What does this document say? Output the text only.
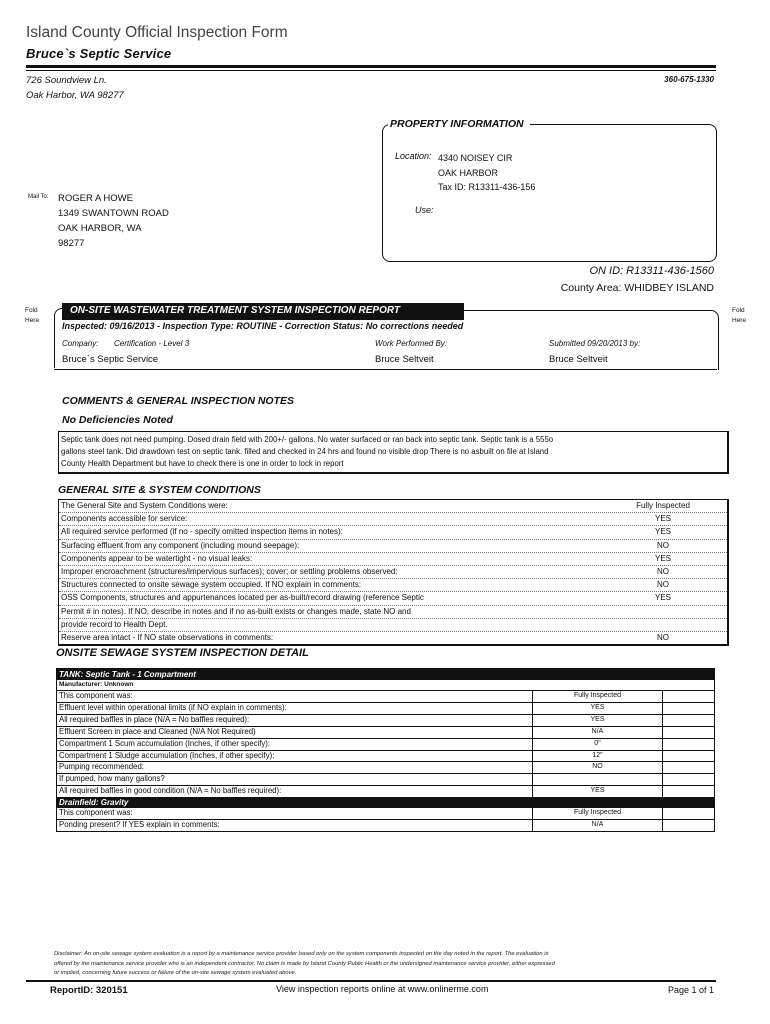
Island County Official Inspection Form
Bruce`s Septic Service
726 Soundview Ln.
Oak Harbor, WA 98277
360-675-1330
PROPERTY INFORMATION
Location: 4340 NOISEY CIR
OAK HARBOR
Tax ID: R13311-436-156
Use:
Mail To: ROGER A HOWE
1349 SWANTOWN ROAD
OAK HARBOR, WA
98277
ON ID: R13311-436-1560
County Area: WHIDBEY ISLAND
Fold
Here
Fold
Here
ON-SITE WASTEWATER TREATMENT SYSTEM INSPECTION REPORT
Inspected: 09/16/2013 - Inspection Type: ROUTINE - Correction Status: No corrections needed
Company: Certification - Level 3	Work Performed By:	Submitted 09/20/2013 by:
Bruce`s Septic Service	Bruce Seltveit	Bruce Seltveit
COMMENTS & GENERAL INSPECTION NOTES
No Deficiencies Noted
Septic tank does not need pumping. Dosed drain field with 200+/- gallons. No water surfaced or ran back into septic tank. Septic tank is a 555o
gallons steel tank. Did drawdown test on septic tank. filled and checked in 24 hrs and found no visible drop There is no asbuilt on file at Island
County Health Department but have to check there is one in order to lock in report
GENERAL SITE & SYSTEM CONDITIONS
The General Site and System Conditions were:	Fully Inspected
Components accessible for service:	YES
All required service performed (if no - specify omitted inspection items in notes):	YES
Surfacing effluent from any component (including mound seepage):	NO
Components appear to be watertight - no visual leaks:	YES
Improper encroachment (structures/impervious surfaces); cover; or settling problems observed:	NO
Structures connected to onsite sewage system occupied. If NO explain in comments:	NO
OSS Components, structures and appurtenances located per as-built/record drawing (reference Septic	YES
Permit # in notes). If NO, describe in notes and if no as-built exists or changes made, state NO and
provide record to Health Dept.
Reserve area intact - If NO state observations in comments:	NO
ONSITE SEWAGE SYSTEM INSPECTION DETAIL
TANK: Septic Tank - 1 Compartment
Manufacturer: Unknown
This component was:	Fully Inspected
Effluent level within operational limits (if NO explain in comments):	YES
All required baffles in place (N/A = No baffles required):	YES
Effluent Screen in place and Cleaned (N/A Not Required)	N/A
Compartment 1 Scum accumulation (Inches, if other specify):	0"
Compartment 1 Sludge accumulation (Inches, if other specify):	12"
Pumping recommended:	NO
If pumped, how many gallons?
All required baffles in good condition (N/A = No baffles required):	YES
Drainfield: Gravity
This component was:	Fully Inspected
Ponding present? If YES explain in comments:	N/A
Disclaimer: An on-site sewage system evaluation is a report by a maintenance service provider based only on the system components inspected on the day noted in the report. The evaluation is
offered by the maintenance service provider who is an independent contractor. No claim is made by Island County Public Health or the undersigned maintenance service provider, either expressed
or implied, concerning future success or failure of the on-site sewage system evaluated above.
ReportID: 320151	View inspection reports online at www.onlinerme.com	Page 1 of 1
